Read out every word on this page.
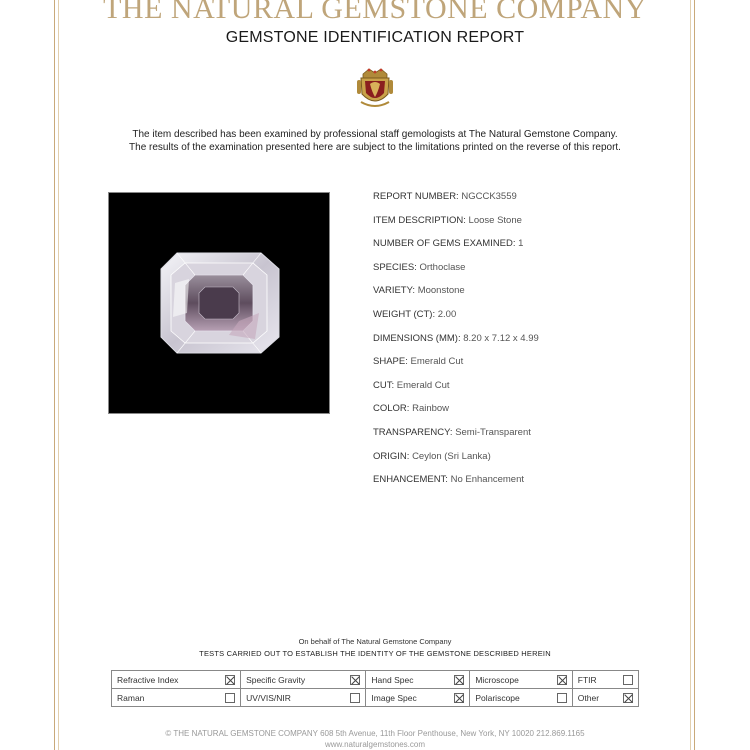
THE NATURAL GEMSTONE COMPANY
GEMSTONE IDENTIFICATION REPORT
The item described has been examined by professional staff gemologists at The Natural Gemstone Company.
The results of the examination presented here are subject to the limitations printed on the reverse of this report.
REPORT NUMBER: NGCCK3559
ITEM DESCRIPTION: Loose Stone
NUMBER OF GEMS EXAMINED: 1
SPECIES: Orthoclase
VARIETY: Moonstone
WEIGHT (CT): 2.00
DIMENSIONS (MM): 8.20 x 7.12 x 4.99
SHAPE: Emerald Cut
CUT: Emerald Cut
COLOR: Rainbow
TRANSPARENCY: Semi-Transparent
ORIGIN: Ceylon (Sri Lanka)
ENHANCEMENT: No Enhancement
On behalf of The Natural Gemstone Company
TESTS CARRIED OUT TO ESTABLISH THE IDENTITY OF THE GEMSTONE DESCRIBED HEREIN
Refractive Index	Specific Gravity	Hand Spec	Microscope	FTIR

Raman	UV/VIS/NIR	Image Spec	Polariscope	Other
© THE NATURAL GEMSTONE COMPANY 608 5th Avenue, 11th Floor Penthouse, New York, NY 10020 212.869.1165
www.naturalgemstones.com
